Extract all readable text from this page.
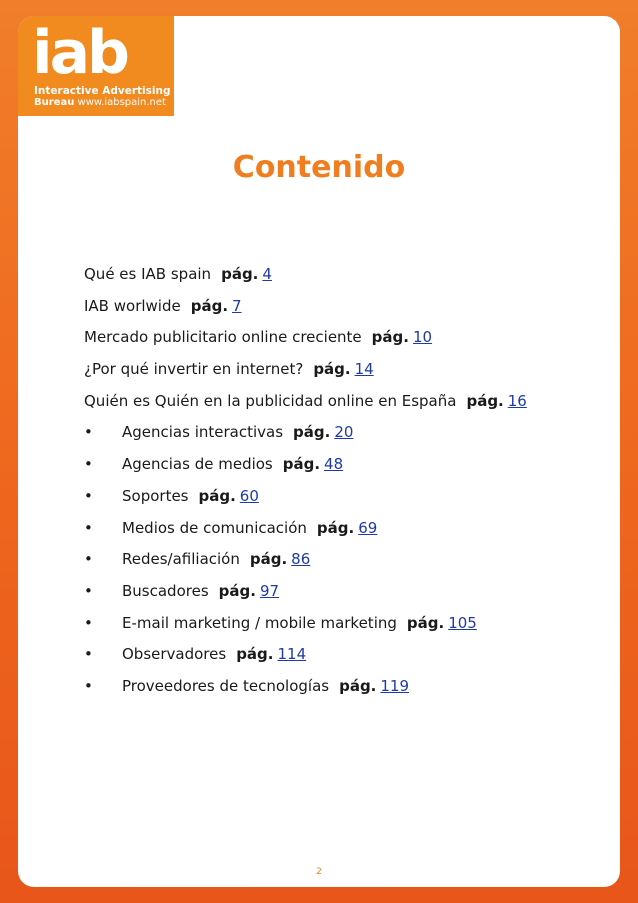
iab
Interactive Advertising
Bureau www.iabspain.net
Contenido
Qué es IAB spain pág. 4
IAB worlwide pág. 7
Mercado publicitario online creciente pág. 10
¿Por qué invertir en internet? pág. 14
Quién es Quién en la publicidad online en España pág. 16
• Agencias interactivas pág. 20
• Agencias de medios pág. 48
• Soportes pág. 60
• Medios de comunicación pág. 69
• Redes/afiliación pág. 86
• Buscadores pág. 97
• E-mail marketing / mobile marketing pág. 105
• Observadores pág. 114
• Proveedores de tecnologías pág. 119
2
